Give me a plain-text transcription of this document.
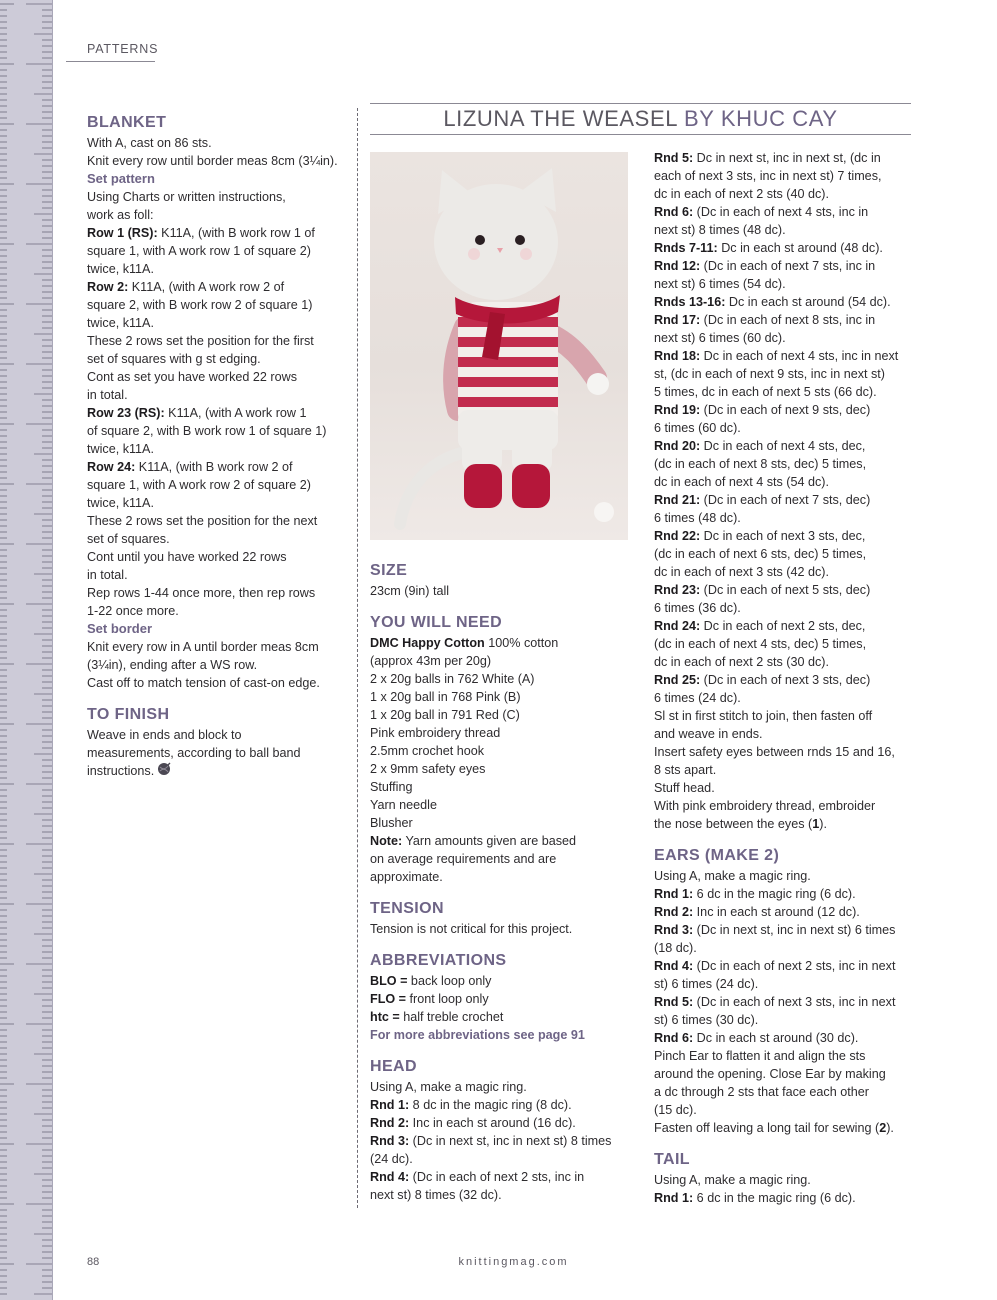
PATTERNS
LIZUNA THE WEASEL BY KHUC CAY
BLANKET
With A, cast on 86 sts.
Knit every row until border meas 8cm (3¼in).
Set pattern
Using Charts or written instructions,
work as foll:
Row 1 (RS): K11A, (with B work row 1 of
square 1, with A work row 1 of square 2)
twice, k11A.
Row 2: K11A, (with A work row 2 of
square 2, with B work row 2 of square 1)
twice, k11A.
These 2 rows set the position for the first
set of squares with g st edging.
Cont as set you have worked 22 rows
in total.
Row 23 (RS): K11A, (with A work row 1
of square 2, with B work row 1 of square 1)
twice, k11A.
Row 24: K11A, (with B work row 2 of
square 1, with A work row 2 of square 2)
twice, k11A.
These 2 rows set the position for the next
set of squares.
Cont until you have worked 22 rows
in total.
Rep rows 1-44 once more, then rep rows
1-22 once more.
Set border
Knit every row in A until border meas 8cm
(3¼in), ending after a WS row.
Cast off to match tension of cast-on edge.
TO FINISH
Weave in ends and block to
measurements, according to ball band
instructions.
SIZE
23cm (9in) tall
YOU WILL NEED
DMC Happy Cotton 100% cotton
(approx 43m per 20g)
2 x 20g balls in 762 White (A)
1 x 20g ball in 768 Pink (B)
1 x 20g ball in 791 Red (C)
Pink embroidery thread
2.5mm crochet hook
2 x 9mm safety eyes
Stuffing
Yarn needle
Blusher
Note: Yarn amounts given are based
on average requirements and are
approximate.
TENSION
Tension is not critical for this project.
ABBREVIATIONS
BLO = back loop only
FLO = front loop only
htc = half treble crochet
For more abbreviations see page 91
HEAD
Using A, make a magic ring.
Rnd 1: 8 dc in the magic ring (8 dc).
Rnd 2: Inc in each st around (16 dc).
Rnd 3: (Dc in next st, inc in next st) 8 times
(24 dc).
Rnd 4: (Dc in each of next 2 sts, inc in
next st) 8 times (32 dc).
Rnd 5: Dc in next st, inc in next st, (dc in
each of next 3 sts, inc in next st) 7 times,
dc in each of next 2 sts (40 dc).
Rnd 6: (Dc in each of next 4 sts, inc in
next st) 8 times (48 dc).
Rnds 7-11: Dc in each st around (48 dc).
Rnd 12: (Dc in each of next 7 sts, inc in
next st) 6 times (54 dc).
Rnds 13-16: Dc in each st around (54 dc).
Rnd 17: (Dc in each of next 8 sts, inc in
next st) 6 times (60 dc).
Rnd 18: Dc in each of next 4 sts, inc in next
st, (dc in each of next 9 sts, inc in next st)
5 times, dc in each of next 5 sts (66 dc).
Rnd 19: (Dc in each of next 9 sts, dec)
6 times (60 dc).
Rnd 20: Dc in each of next 4 sts, dec,
(dc in each of next 8 sts, dec) 5 times,
dc in each of next 4 sts (54 dc).
Rnd 21: (Dc in each of next 7 sts, dec)
6 times (48 dc).
Rnd 22: Dc in each of next 3 sts, dec,
(dc in each of next 6 sts, dec) 5 times,
dc in each of next 3 sts (42 dc).
Rnd 23: (Dc in each of next 5 sts, dec)
6 times (36 dc).
Rnd 24: Dc in each of next 2 sts, dec,
(dc in each of next 4 sts, dec) 5 times,
dc in each of next 2 sts (30 dc).
Rnd 25: (Dc in each of next 3 sts, dec)
6 times (24 dc).
Sl st in first stitch to join, then fasten off
and weave in ends.
Insert safety eyes between rnds 15 and 16,
8 sts apart.
Stuff head.
With pink embroidery thread, embroider
the nose between the eyes (1).
EARS (MAKE 2)
Using A, make a magic ring.
Rnd 1: 6 dc in the magic ring (6 dc).
Rnd 2: Inc in each st around (12 dc).
Rnd 3: (Dc in next st, inc in next st) 6 times
(18 dc).
Rnd 4: (Dc in each of next 2 sts, inc in next
st) 6 times (24 dc).
Rnd 5: (Dc in each of next 3 sts, inc in next
st) 6 times (30 dc).
Rnd 6: Dc in each st around (30 dc).
Pinch Ear to flatten it and align the sts
around the opening. Close Ear by making
a dc through 2 sts that face each other
(15 dc).
Fasten off leaving a long tail for sewing (2).
TAIL
Using A, make a magic ring.
Rnd 1: 6 dc in the magic ring (6 dc).
88	knittingmag.com
